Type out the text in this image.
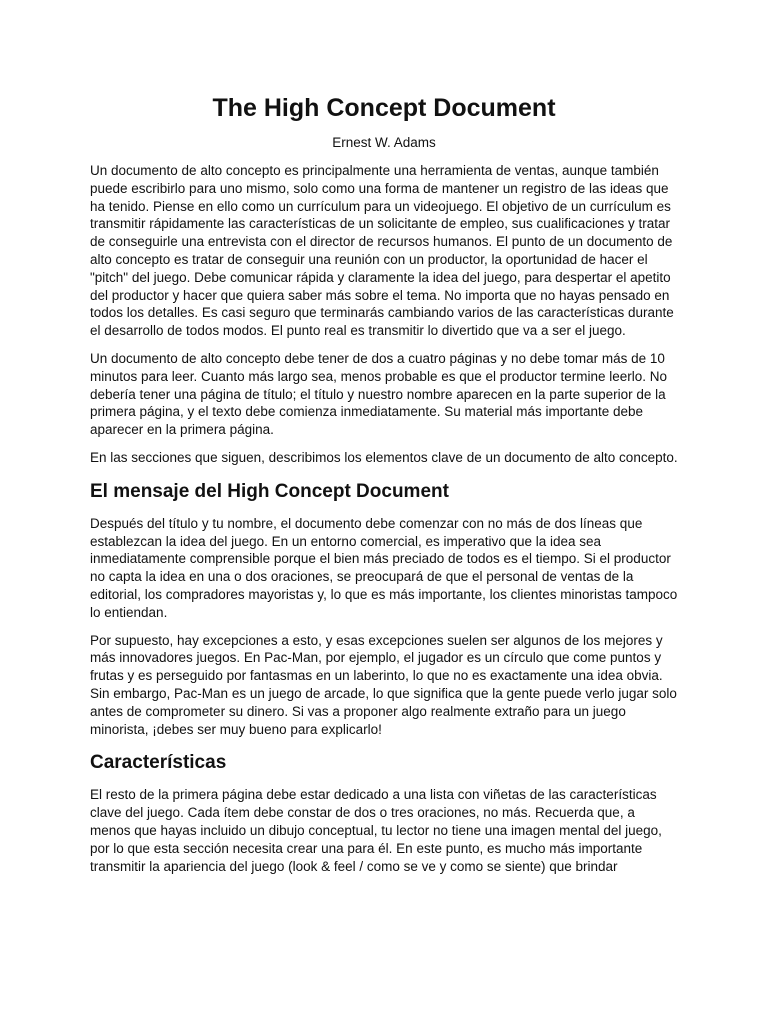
The High Concept Document
Ernest W. Adams

Un documento de alto concepto es principalmente una herramienta de ventas, aunque también puede escribirlo para uno mismo, solo como una forma de mantener un registro de las ideas que ha tenido. Piense en ello como un currículum para un videojuego. El objetivo de un currículum es transmitir rápidamente las características de un solicitante de empleo, sus cualificaciones y tratar de conseguirle una entrevista con el director de recursos humanos. El punto de un documento de alto concepto es tratar de conseguir una reunión con un productor, la oportunidad de hacer el "pitch" del juego. Debe comunicar rápida y claramente la idea del juego, para despertar el apetito del productor y hacer que quiera saber más sobre el tema. No importa que no hayas pensado en todos los detalles. Es casi seguro que terminarás cambiando varios de las características durante el desarrollo de todos modos. El punto real es transmitir lo divertido que va a ser el juego.

Un documento de alto concepto debe tener de dos a cuatro páginas y no debe tomar más de 10 minutos para leer. Cuanto más largo sea, menos probable es que el productor termine leerlo. No debería tener una página de título; el título y nuestro nombre aparecen en la parte superior de la primera página, y el texto debe comienza inmediatamente. Su material más importante debe aparecer en la primera página.

En las secciones que siguen, describimos los elementos clave de un documento de alto concepto.

El mensaje del High Concept Document

Después del título y tu nombre, el documento debe comenzar con no más de dos líneas que establezcan la idea del juego. En un entorno comercial, es imperativo que la idea sea inmediatamente comprensible porque el bien más preciado de todos es el tiempo. Si el productor no capta la idea en una o dos oraciones, se preocupará de que el personal de ventas de la editorial, los compradores mayoristas y, lo que es más importante, los clientes minoristas tampoco lo entiendan.

Por supuesto, hay excepciones a esto, y esas excepciones suelen ser algunos de los mejores y más innovadores juegos. En Pac-Man, por ejemplo, el jugador es un círculo que come puntos y frutas y es perseguido por fantasmas en un laberinto, lo que no es exactamente una idea obvia. Sin embargo, Pac-Man es un juego de arcade, lo que significa que la gente puede verlo jugar solo antes de comprometer su dinero. Si vas a proponer algo realmente extraño para un juego minorista, ¡debes ser muy bueno para explicarlo!

Características

El resto de la primera página debe estar dedicado a una lista con viñetas de las características clave del juego. Cada ítem debe constar de dos o tres oraciones, no más. Recuerda que, a menos que hayas incluido un dibujo conceptual, tu lector no tiene una imagen mental del juego, por lo que esta sección necesita crear una para él. En este punto, es mucho más importante transmitir la apariencia del juego (look & feel / como se ve y como se siente) que brindar
